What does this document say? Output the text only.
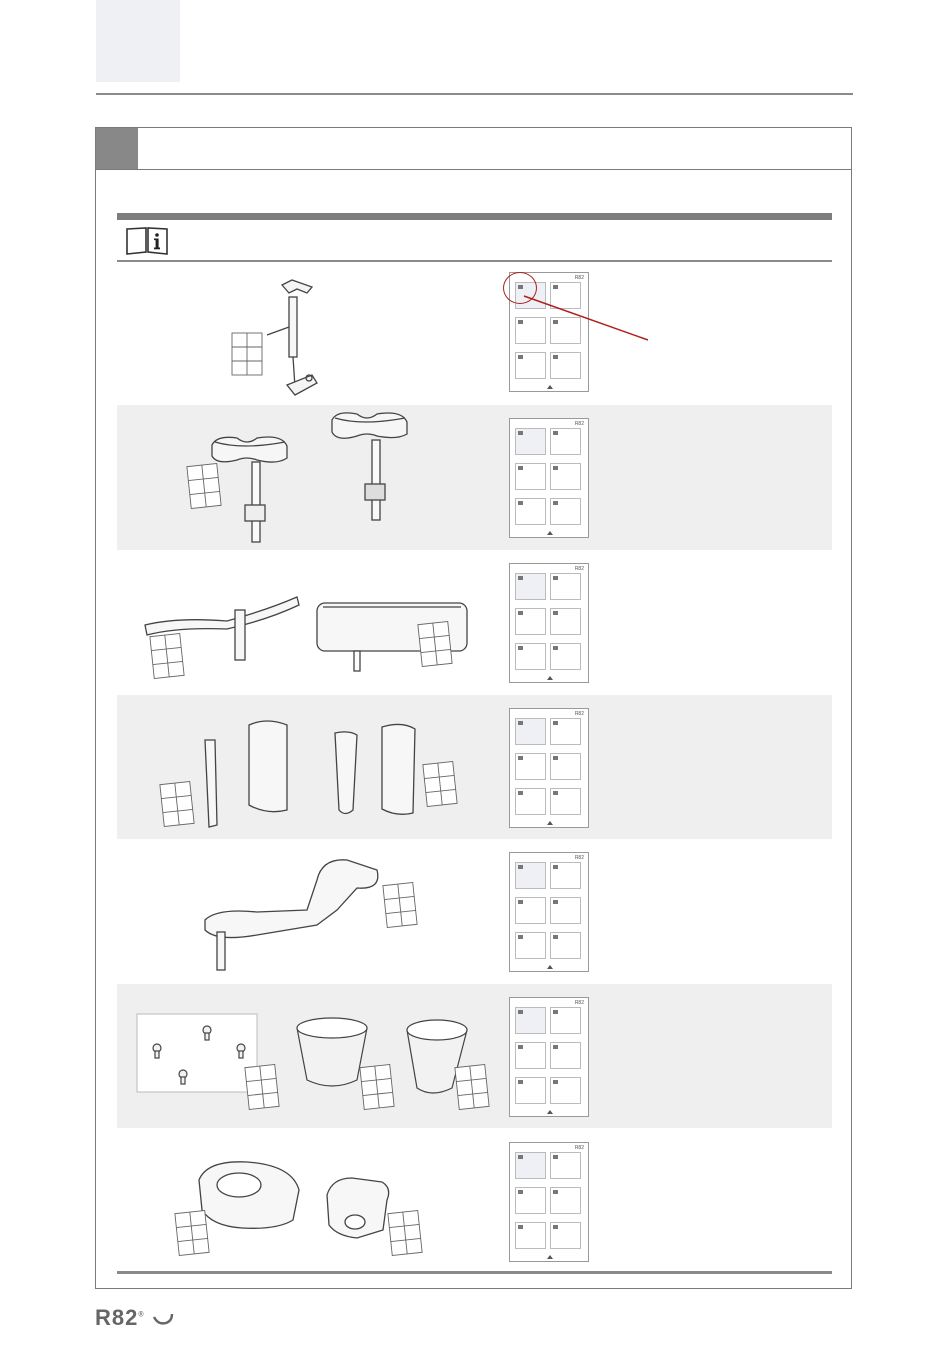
R82
R82
R82
R82
R82
R82
R82
R82®
